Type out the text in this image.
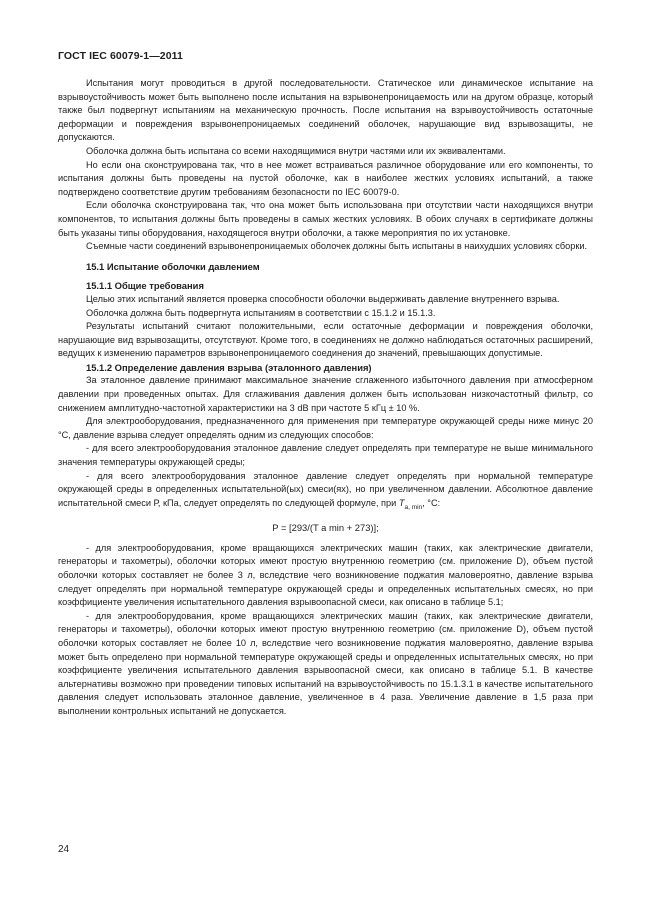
ГОСТ IEC 60079-1—2011

Испытания могут проводиться в другой последовательности. Статическое или динамическое испытание на взрывоустойчивость может быть выполнено после испытания на взрывонепроницаемость или на другом образце, который также был подвергнут испытаниям на механическую прочность. После испытания на взрывоустойчивость остаточные деформации и повреждения взрывонепроницаемых соединений оболочек, нарушающие вид взрывозащиты, не допускаются.

Оболочка должна быть испытана со всеми находящимися внутри частями или их эквивалентами.

Но если она сконструирована так, что в нее может встраиваться различное оборудование или его компоненты, то испытания должны быть проведены на пустой оболочке, как в наиболее жестких условиях испытаний, а также подтверждено соответствие другим требованиям безопасности по IEC 60079-0.

Если оболочка сконструирована так, что она может быть использована при отсутствии части находящихся внутри компонентов, то испытания должны быть проведены в самых жестких условиях. В обоих случаях в сертификате должны быть указаны типы оборудования, находящегося внутри оболочки, а также мероприятия по их установке.

Съемные части соединений взрывонепроницаемых оболочек должны быть испытаны в наихудших условиях сборки.

15.1 Испытание оболочки давлением
15.1.1 Общие требования

Целью этих испытаний является проверка способности оболочки выдерживать давление внутреннего взрыва.

Оболочка должна быть подвергнута испытаниям в соответствии с 15.1.2 и 15.1.3.

Результаты испытаний считают положительными, если остаточные деформации и повреждения оболочки, нарушающие вид взрывозащиты, отсутствуют. Кроме того, в соединениях не должно наблюдаться остаточных расширений, ведущих к изменению параметров взрывонепроницаемого соединения до значений, превышающих допустимые.

15.1.2 Определение давления взрыва (эталонного давления)

За эталонное давление принимают максимальное значение сглаженного избыточного давления при атмосферном давлении при проведенных опытах. Для сглаживания давления должен быть использован низкочастотный фильтр, со снижением амплитудно-частотной характеристики на 3 dB при частоте 5 кГц ± 10 %.

Для электрооборудования, предназначенного для применения при температуре окружающей среды ниже минус 20 °С, давление взрыва следует определять одним из следующих способов:

- для всего электрооборудования эталонное давление следует определять при температуре не выше минимального значения температуры окружающей среды;

- для всего электрооборудования эталонное давление следует определять при нормальной температуре окружающей среды в определенных испытательной(ых) смеси(ях), но при увеличенном давлении. Абсолютное давление испытательной смеси Р, кПа, следует определять по следующей формуле, при $T_{a, min}$, °С:

P = [293/(T a min + 273)];

- для электрооборудования, кроме вращающихся электрических машин (таких, как электрические двигатели, генераторы и тахометры), оболочки которых имеют простую внутреннюю геометрию (см. приложение D), объем пустой оболочки которых составляет не более 3 л, вследствие чего возникновение поджатия маловероятно, давление взрыва следует определять при нормальной температуре окружающей среды и определенных испытательных смесях, но при коэффициенте увеличения испытательного давления взрывоопасной смеси, как описано в таблице 5.1;

- для электрооборудования, кроме вращающихся электрических машин (таких, как электрические двигатели, генераторы и тахометры), оболочки которых имеют простую внутреннюю геометрию (см. приложение D), объем пустой оболочки которых составляет не более 10 л, вследствие чего возникновение поджатия маловероятно, давление взрыва может быть определено при нормальной температуре окружающей среды и определенных испытательных смесях, но при коэффициенте увеличения испытательного давления взрывоопасной смеси, как описано в таблице 5.1. В качестве альтернативы возможно при проведении типовых испытаний на взрывоустойчивость по 15.1.3.1 в качестве испытательного давления следует использовать эталонное давление, увеличенное в 4 раза. Увеличение давление в 1,5 раза при выполнении контрольных испытаний не допускается.

24
